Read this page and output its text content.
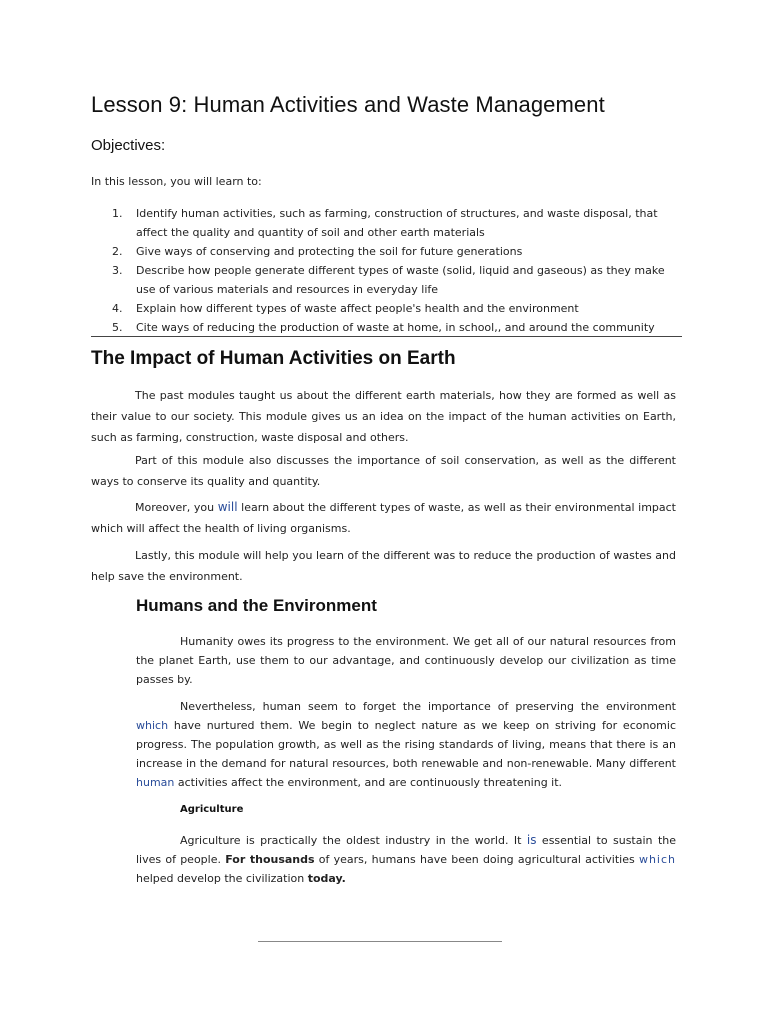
Lesson 9: Human Activities and Waste Management
Objectives:
In this lesson, you will learn to:
1. Identify human activities, such as farming, construction of structures, and waste disposal, that affect the quality and quantity of soil and other earth materials
2. Give ways of conserving and protecting the soil for future generations
3. Describe how people generate different types of waste (solid, liquid and gaseous) as they make use of various materials and resources in everyday life
4. Explain how different types of waste affect people's health and the environment
5. Cite ways of reducing the production of waste at home, in school,, and around the community
The Impact of Human Activities on Earth

The past modules taught us about the different earth materials, how they are formed as well as their value to our society. This module gives us an idea on the impact of the human activities on Earth, such as farming, construction, waste disposal and others.

Part of this module also discusses the importance of soil conservation, as well as the different ways to conserve its quality and quantity.

Moreover, you will learn about the different types of waste, as well as their environmental impact which will affect the health of living organisms.

Lastly, this module will help you learn of the different was to reduce the production of wastes and help save the environment.

Humans and the Environment

Humanity owes its progress to the environment. We get all of our natural resources from the planet Earth, use them to our advantage, and continuously develop our civilization as time passes by.

Nevertheless, human seem to forget the importance of preserving the environment which have nurtured them. We begin to neglect nature as we keep on striving for economic progress. The population growth, as well as the rising standards of living, means that there is an increase in the demand for natural resources, both renewable and non-renewable. Many different human activities affect the environment, and are continuously threatening it.

Agriculture

Agriculture is practically the oldest industry in the world. It is essential to sustain the lives of people. For thousands of years, humans have been doing agricultural activities which helped develop the civilization today.
